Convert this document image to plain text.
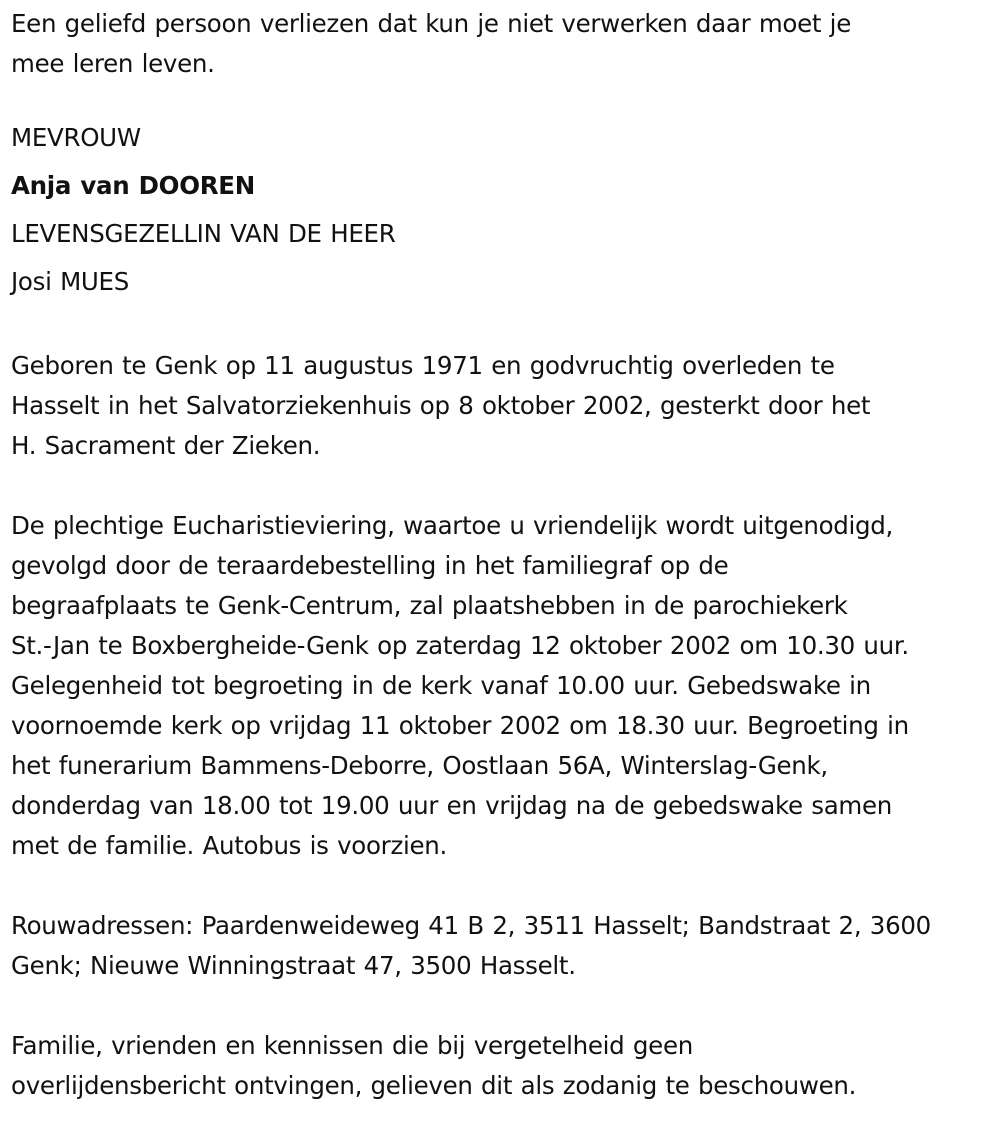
Een geliefd persoon verliezen dat kun je niet verwerken daar moet je
mee leren leven.

MEVROUW
Anja van DOOREN
LEVENSGEZELLIN VAN DE HEER
Josi MUES

Geboren te Genk op 11 augustus 1971 en godvruchtig overleden te
Hasselt in het Salvatorziekenhuis op 8 oktober 2002, gesterkt door het
H. Sacrament der Zieken.

De plechtige Eucharistieviering, waartoe u vriendelijk wordt uitgenodigd,
gevolgd door de teraardebestelling in het familiegraf op de
begraafplaats te Genk-Centrum, zal plaatshebben in de parochiekerk
St.-Jan te Boxbergheide-Genk op zaterdag 12 oktober 2002 om 10.30 uur.
Gelegenheid tot begroeting in de kerk vanaf 10.00 uur. Gebedswake in
voornoemde kerk op vrijdag 11 oktober 2002 om 18.30 uur. Begroeting in
het funerarium Bammens-Deborre, Oostlaan 56A, Winterslag-Genk,
donderdag van 18.00 tot 19.00 uur en vrijdag na de gebedswake samen
met de familie. Autobus is voorzien.

Rouwadressen: Paardenweideweg 41 B 2, 3511 Hasselt; Bandstraat 2, 3600
Genk; Nieuwe Winningstraat 47, 3500 Hasselt.

Familie, vrienden en kennissen die bij vergetelheid geen
overlijdensbericht ontvingen, gelieven dit als zodanig te beschouwen.
